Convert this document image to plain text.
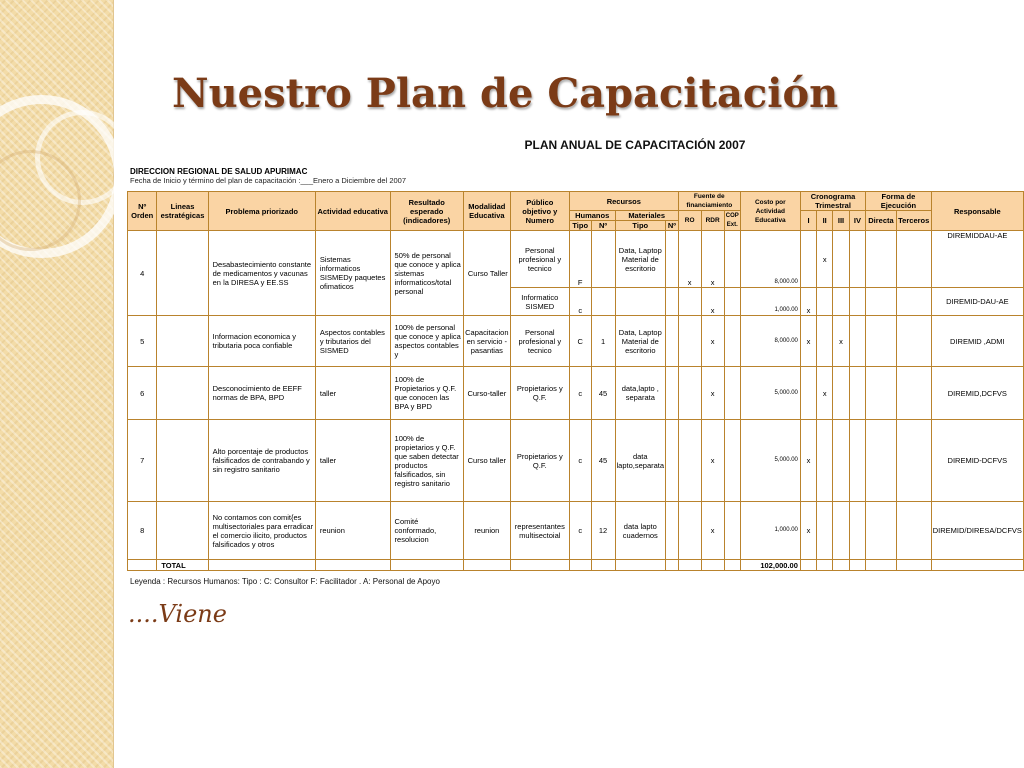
Nuestro Plan de Capacitación
PLAN ANUAL DE CAPACITACIÓN 2007
DIRECCION REGIONAL DE SALUD APURIMAC
Fecha de Inicio y término del plan de capacitación :___Enero a Diciembre del 2007
Nº Orden	Lineas estratégicas	Problema priorizado	Actividad educativa	Resultado esperado (indicadores)	Modalidad Educativa	Público objetivo y Numero	Recursos				Fuente de financiamiento			Costo por Actividad Educativa	Cronograma Trimestral				Forma de Ejecución		Responsable
							Humanos		Materiales		RO	RDR	COP Ext.		I	II	III	IV	Directa	Terceros	
							Tipo	Nº	Tipo	Nº											
4		Desabastecimiento constante de medicamentos y vacunas en la DIRESA y EE.SS	Sistemas informaticos SISMEDy paquetes ofimaticos	50% de personal que conoce y aplica sistemas informaticos/total personal	Curso Taller	Personal profesional y tecnico	F		Data, Laptop Material de escritorio		x	x		8,000.00		x					DIREMIDDAU-AE
						Informatico SISMED	c					x		1,000.00	x						DIREMID-DAU-AE
5		Informacion economica y tributaria poca confiable	Aspectos contables y tributarios del SISMED	100% de personal que conoce y aplica aspectos contables y	Capacitacion en servicio - pasantias	Personal profesional y tecnico	C	1	Data, Laptop Material de escritorio			x		8,000.00	x		x				DIREMID ,ADMI
6		Desconocimiento de EEFF normas de BPA, BPD	taller	100% de Propietarios y Q.F. que conocen las BPA y BPD	Curso-taller	Propietarios y Q.F.	c	45	data,lapto , separata			x		5,000.00		x					DIREMID,DCFVS
7		Alto porcentaje de productos falsificados de contrabando y sin registro sanitario	taller	100% de propietarios y Q.F. que saben detectar productos falsificados, sin registro sanitario	Curso taller	Propietarios y Q.F.	c	45	data lapto,separata			x		5,000.00	x						DIREMID-DCFVS
8		No contamos con comit{es multisectoriales para erradicar el comercio ilicito, productos falsificados y otros	reunion	Comité conformado, resolucion	reunion	representantes multisectoial	c	12	data lapto cuadernos			x		1,000.00	x						DIREMID/DIRESA/DCFVS
	TOTAL													102,000.00							
Leyenda : Recursos Humanos: Tipo : C: Consultor F: Facilitador . A: Personal de Apoyo

....Viene
